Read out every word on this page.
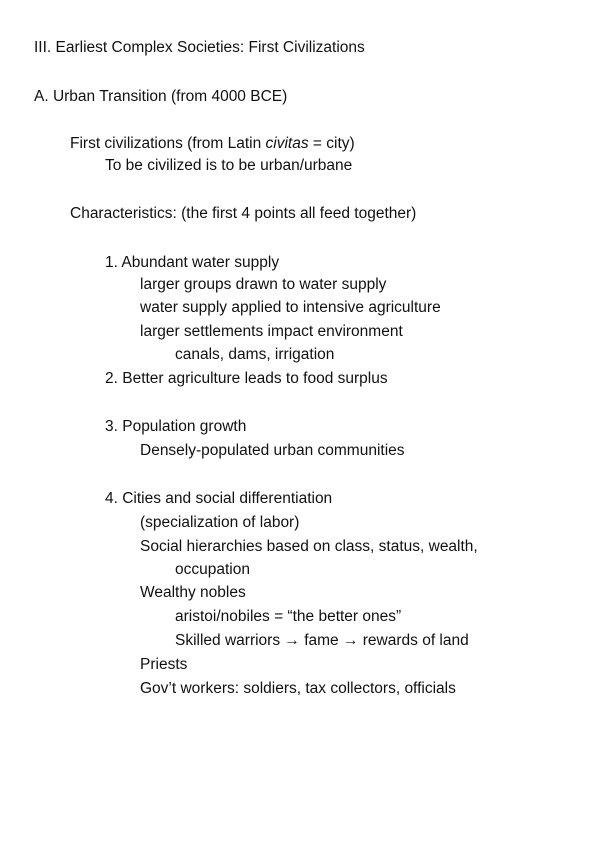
III. Earliest Complex Societies: First Civilizations
A. Urban Transition (from 4000 BCE)
First civilizations (from Latin civitas = city)
To be civilized is to be urban/urbane
Characteristics: (the first 4 points all feed together)
1. Abundant water supply
larger groups drawn to water supply
water supply applied to intensive agriculture
larger settlements impact environment
canals, dams, irrigation
2. Better agriculture leads to food surplus
3. Population growth
Densely-populated urban communities
4. Cities and social differentiation
(specialization of labor)
Social hierarchies based on class, status, wealth,
occupation
Wealthy nobles
aristoi/nobiles = “the better ones”
Skilled warriors → fame → rewards of land
Priests
Gov’t workers: soldiers, tax collectors, officials
